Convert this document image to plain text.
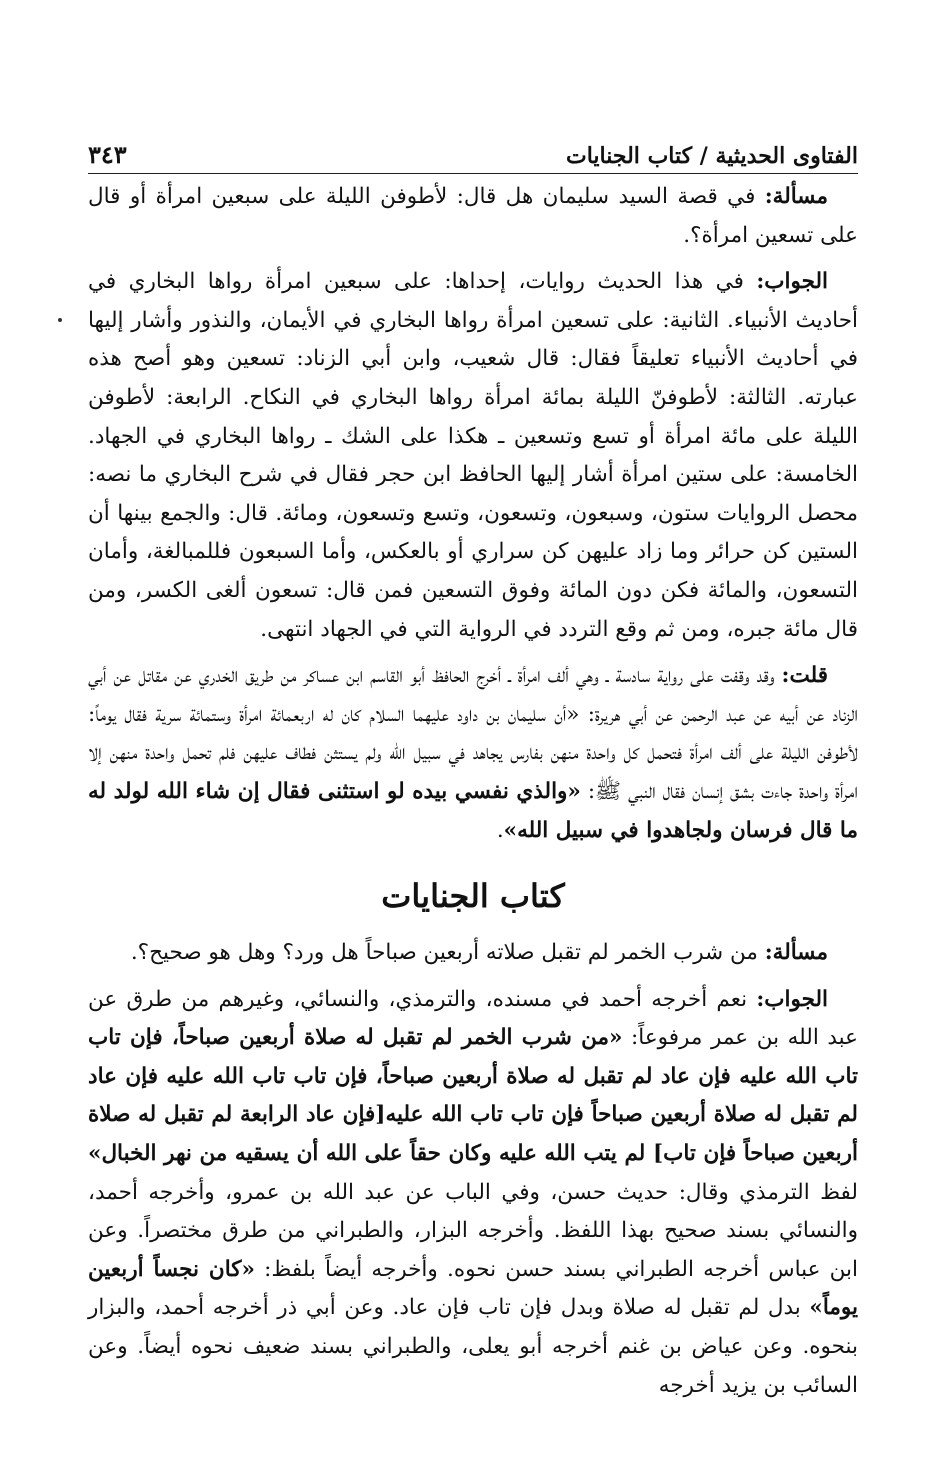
الفتاوى الحديثية / كتاب الجنايات
٣٤٣

مسألة: في قصة السيد سليمان هل قال: لأطوفن الليلة على سبعين امرأة أو قال على تسعين امرأة؟.

الجواب: في هذا الحديث روايات، إحداها: على سبعين امرأة رواها البخاري في أحاديث الأنبياء. الثانية: على تسعين امرأة رواها البخاري في الأيمان، والنذور وأشار إليها في أحاديث الأنبياء تعليقاً فقال: قال شعيب، وابن أبي الزناد: تسعين وهو أصح هذه عبارته. الثالثة: لأطوفنّ الليلة بمائة امرأة رواها البخاري في النكاح. الرابعة: لأطوفن الليلة على مائة امرأة أو تسع وتسعين ـ هكذا على الشك ـ رواها البخاري في الجهاد. الخامسة: على ستين امرأة أشار إليها الحافظ ابن حجر فقال في شرح البخاري ما نصه: محصل الروايات ستون، وسبعون، وتسعون، وتسع وتسعون، ومائة. قال: والجمع بينها أن الستين كن حرائر وما زاد عليهن كن سراري أو بالعكس، وأما السبعون فللمبالغة، وأمان التسعون، والمائة فكن دون المائة وفوق التسعين فمن قال: تسعون ألغى الكسر، ومن قال مائة جبره، ومن ثم وقع التردد في الرواية التي في الجهاد انتهى.

قلت: وقد وقفت على رواية سادسة ـ وهي ألف امرأة ـ أخرج الحافظ أبو القاسم ابن عساكر من طريق الخدري عن مقاتل عن أبي الزناد عن أبيه عن عبد الرحمن عن أبي هريرة: «أن سليمان بن داود عليهما السلام كان له اربعمائة امرأة وستمائة سرية فقال يوماً: لأطوفن الليلة على ألف امرأة فتحمل كل واحدة منهن بفارس يجاهد في سبيل الله ولم يستثن فطاف عليهن فلم تحمل واحدة منهن إلا امرأة واحدة جاءت بشق إنسان فقال النبي ﷺ: «والذي نفسي بيده لو استثنى فقال إن شاء الله لولد له ما قال فرسان ولجاهدوا في سبيل الله».

كتاب الجنايات

مسألة: من شرب الخمر لم تقبل صلاته أربعين صباحاً هل ورد؟ وهل هو صحيح؟.

الجواب: نعم أخرجه أحمد في مسنده، والترمذي، والنسائي، وغيرهم من طرق عن عبد الله بن عمر مرفوعاً: «من شرب الخمر لم تقبل له صلاة أربعين صباحاً، فإن تاب تاب الله عليه فإن عاد لم تقبل له صلاة أربعين صباحاً، فإن تاب تاب الله عليه فإن عاد لم تقبل له صلاة أربعين صباحاً فإن تاب تاب الله عليه[فإن عاد الرابعة لم تقبل له صلاة أربعين صباحاً فإن تاب] لم يتب الله عليه وكان حقاً على الله أن يسقيه من نهر الخبال» لفظ الترمذي وقال: حديث حسن، وفي الباب عن عبد الله بن عمرو، وأخرجه أحمد، والنسائي بسند صحيح بهذا اللفظ. وأخرجه البزار، والطبراني من طرق مختصراً. وعن ابن عباس أخرجه الطبراني بسند حسن نحوه. وأخرجه أيضاً بلفظ: «كان نجساً أربعين يوماً» بدل لم تقبل له صلاة وبدل فإن تاب فإن عاد. وعن أبي ذر أخرجه أحمد، والبزار بنحوه. وعن عياض بن غنم أخرجه أبو يعلى، والطبراني بسند ضعيف نحوه أيضاً. وعن السائب بن يزيد أخرجه
